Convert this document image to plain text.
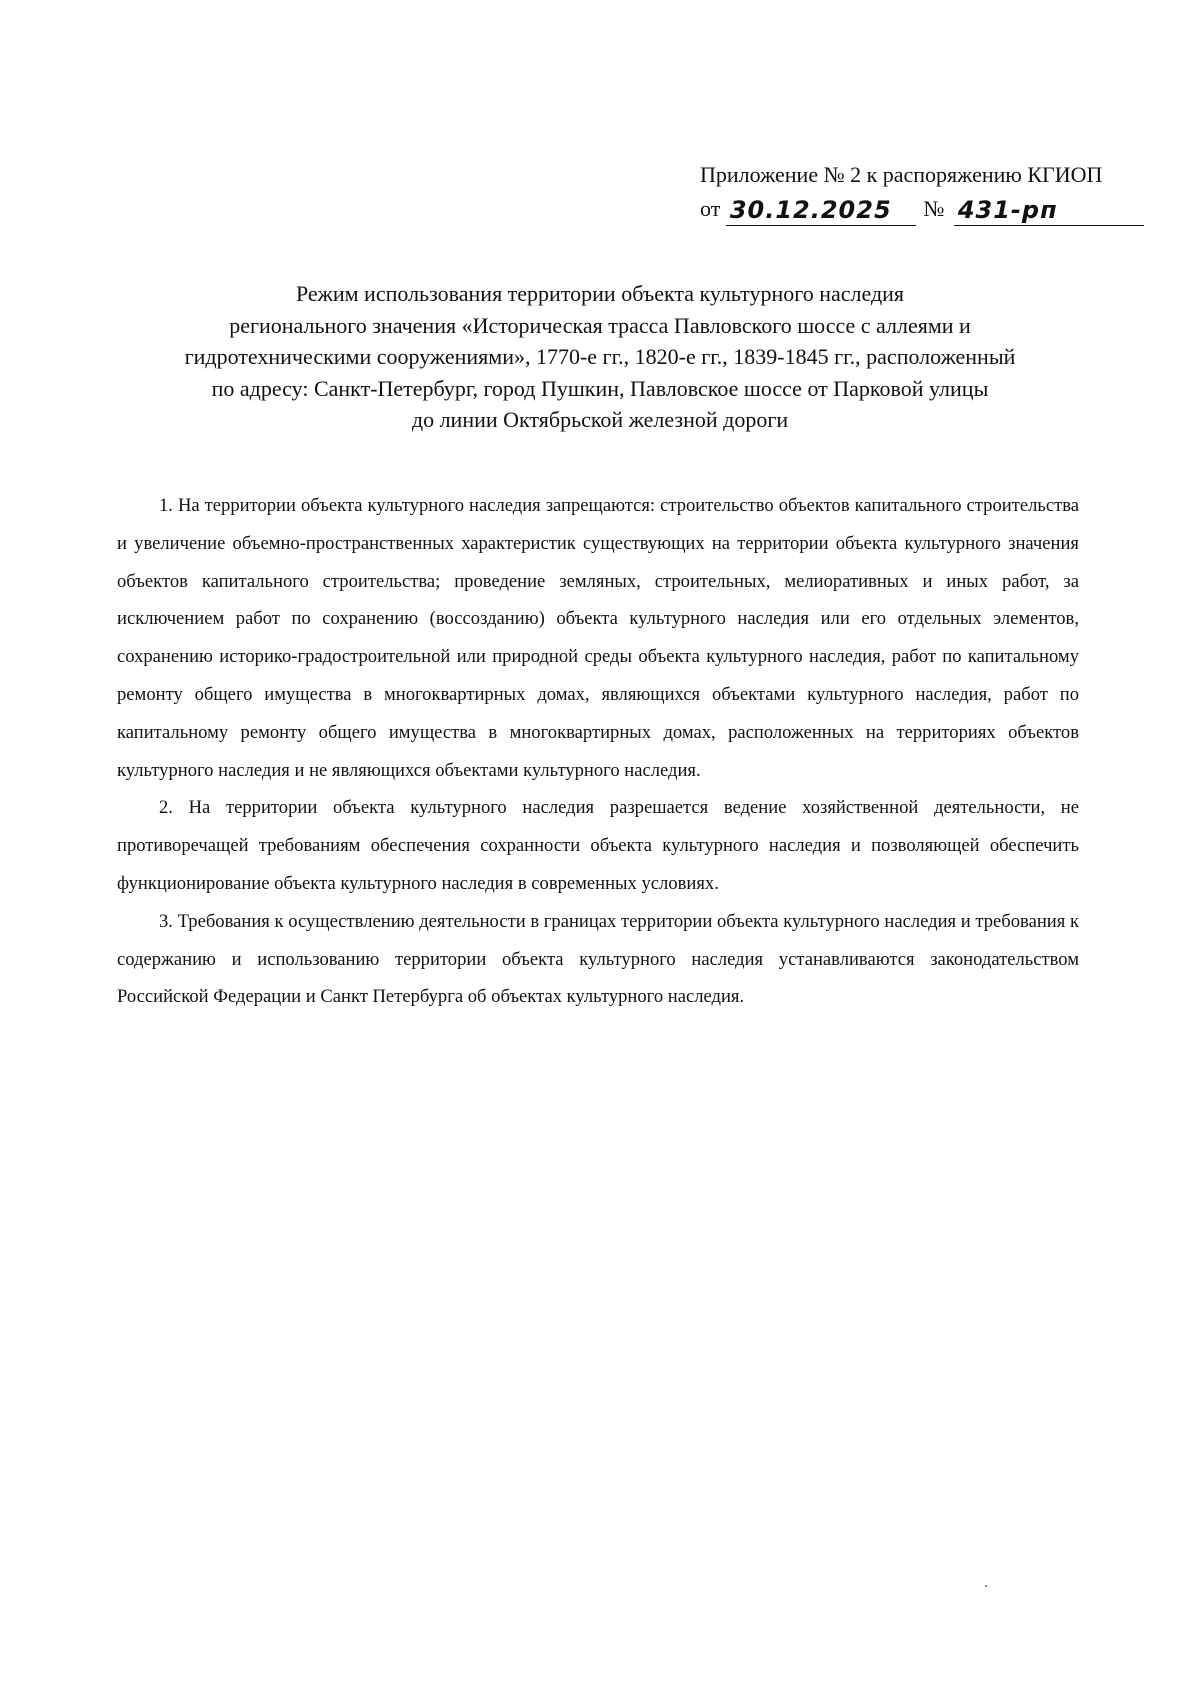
Приложение № 2 к распоряжению КГИОП
от 30.12.2025 № 431-рп
Режим использования территории объекта культурного наследия
регионального значения «Историческая трасса Павловского шоссе с аллеями и
гидротехническими сооружениями», 1770-е гг., 1820-е гг., 1839-1845 гг., расположенный
по адресу: Санкт-Петербург, город Пушкин, Павловское шоссе от Парковой улицы
до линии Октябрьской железной дороги

1. На территории объекта культурного наследия запрещаются: строительство объектов капитального строительства и увеличение объемно-пространственных характеристик существующих на территории объекта культурного значения объектов капитального строительства; проведение земляных, строительных, мелиоративных и иных работ, за исключением работ по сохранению (воссозданию) объекта культурного наследия или его отдельных элементов, сохранению историко-градостроительной или природной среды объекта культурного наследия, работ по капитальному ремонту общего имущества в многоквартирных домах, являющихся объектами культурного наследия, работ по капитальному ремонту общего имущества в многоквартирных домах, расположенных на территориях объектов культурного наследия и не являющихся объектами культурного наследия.

2. На территории объекта культурного наследия разрешается ведение хозяйственной деятельности, не противоречащей требованиям обеспечения сохранности объекта культурного наследия и позволяющей обеспечить функционирование объекта культурного наследия в современных условиях.

3. Требования к осуществлению деятельности в границах территории объекта культурного наследия и требования к содержанию и использованию территории объекта культурного наследия устанавливаются законодательством Российской Федерации и Санкт Петербурга об объектах культурного наследия.
